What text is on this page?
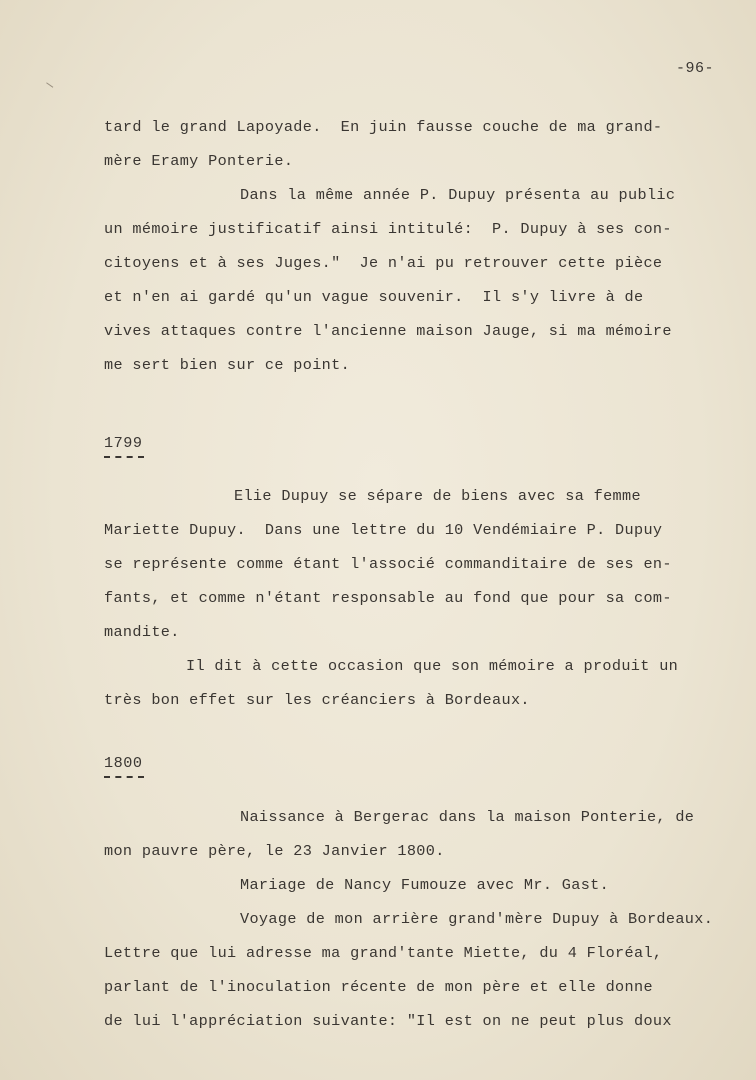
-96-
tard le grand Lapoyade.  En juin fausse couche de ma grand-
mère Eramy Ponterie.
Dans la même année P. Dupuy présenta au public
un mémoire justificatif ainsi intitulé:  P. Dupuy à ses con-
citoyens et à ses Juges."  Je n'ai pu retrouver cette pièce
et n'en ai gardé qu'un vague souvenir.  Il s'y livre à de
vives attaques contre l'ancienne maison Jauge, si ma mémoire
me sert bien sur ce point.
1799
Elie Dupuy se sépare de biens avec sa femme
Mariette Dupuy.  Dans une lettre du 10 Vendémiaire P. Dupuy
se représente comme étant l'associé commanditaire de ses en-
fants, et comme n'étant responsable au fond que pour sa com-
mandite.
Il dit à cette occasion que son mémoire a produit un
très bon effet sur les créanciers à Bordeaux.
1800
Naissance à Bergerac dans la maison Ponterie, de
mon pauvre père, le 23 Janvier 1800.
Mariage de Nancy Fumouze avec Mr. Gast.
Voyage de mon arrière grand'mère Dupuy à Bordeaux.
Lettre que lui adresse ma grand'tante Miette, du 4 Floréal,
parlant de l'inoculation récente de mon père et elle donne
de lui l'appréciation suivante: "Il est on ne peut plus doux
